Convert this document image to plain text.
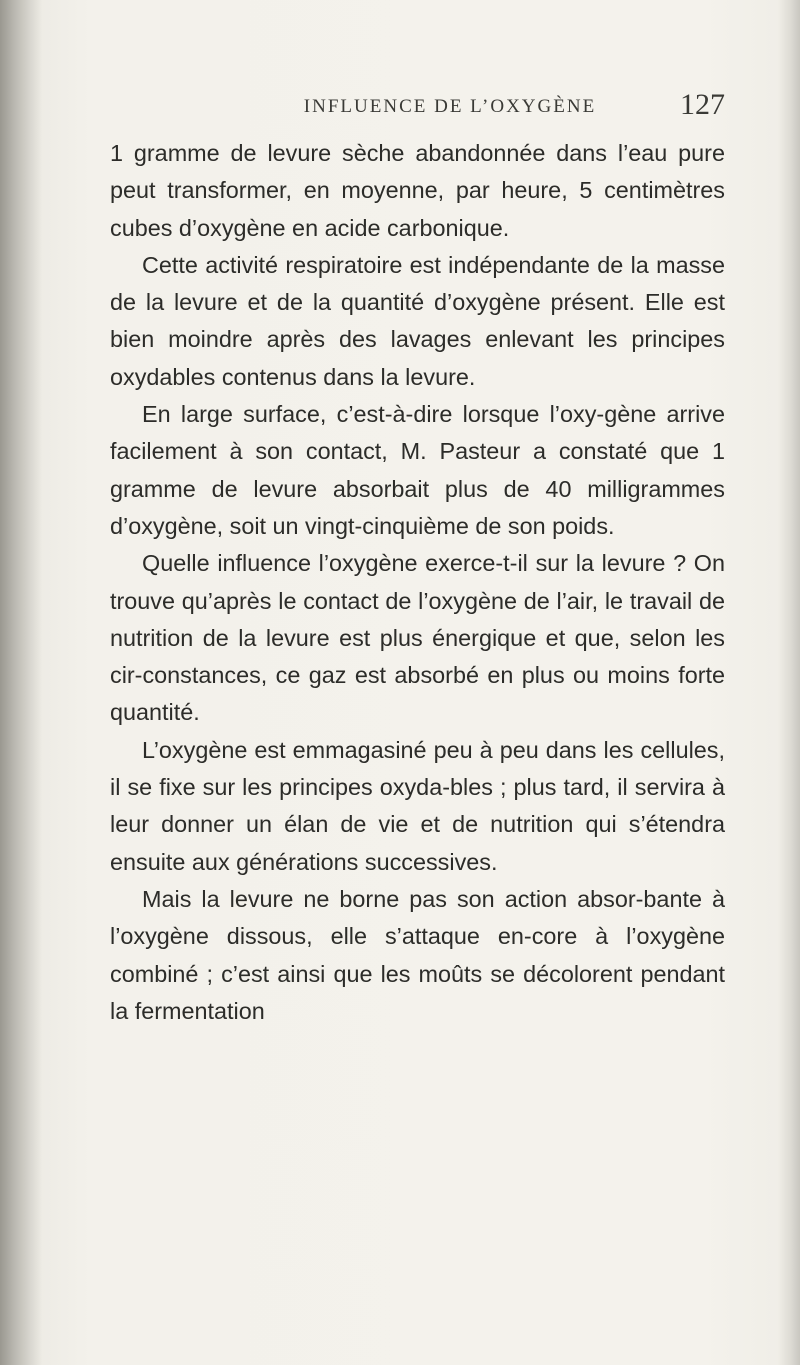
INFLUENCE DE L’OXYGÈNE	127

1 gramme de levure sèche abandonnée dans l’eau pure peut transformer, en moyenne, par heure, 5 centimètres cubes d’oxygène en acide carbonique.

Cette activité respiratoire est indépendante de la masse de la levure et de la quantité d’oxygène présent. Elle est bien moindre après des lavages enlevant les principes oxydables contenus dans la levure.

En large surface, c’est-à-dire lorsque l’oxy-gène arrive facilement à son contact, M. Pasteur a constaté que 1 gramme de levure absorbait plus de 40 milligrammes d’oxygène, soit un vingt-cinquième de son poids.

Quelle influence l’oxygène exerce-t-il sur la levure ? On trouve qu’après le contact de l’oxygène de l’air, le travail de nutrition de la levure est plus énergique et que, selon les cir-constances, ce gaz est absorbé en plus ou moins forte quantité.

L’oxygène est emmagasiné peu à peu dans les cellules, il se fixe sur les principes oxyda-bles ; plus tard, il servira à leur donner un élan de vie et de nutrition qui s’étendra ensuite aux générations successives.

Mais la levure ne borne pas son action absor-bante à l’oxygène dissous, elle s’attaque en-core à l’oxygène combiné ; c’est ainsi que les moûts se décolorent pendant la fermentation
